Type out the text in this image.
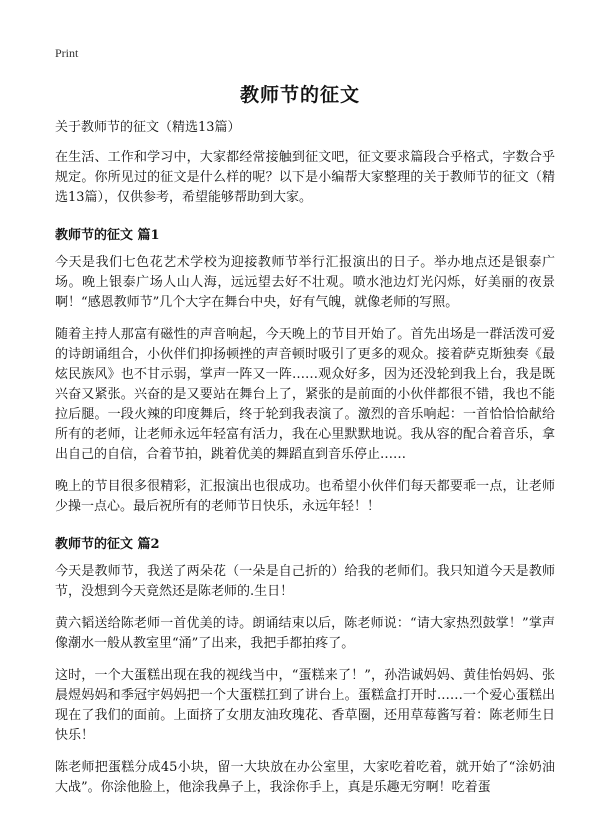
Print
教师节的征文

关于教师节的征文（精选13篇）

在生活、工作和学习中，大家都经常接触到征文吧，征文要求篇段合乎格式，字数合乎规定。你所见过的征文是什么样的呢？以下是小编帮大家整理的关于教师节的征文（精选13篇），仅供参考，希望能够帮助到大家。

教师节的征文 篇1

今天是我们七色花艺术学校为迎接教师节举行汇报演出的日子。举办地点还是银泰广场。晚上银泰广场人山人海，远远望去好不壮观。喷水池边灯光闪烁，好美丽的夜景啊！“感恩教师节”几个大字在舞台中央，好有气魄，就像老师的写照。

随着主持人那富有磁性的声音响起，今天晚上的节目开始了。首先出场是一群活泼可爱的诗朗诵组合，小伙伴们抑扬顿挫的声音顿时吸引了更多的观众。接着萨克斯独奏《最炫民族风》也不甘示弱，掌声一阵又一阵……观众好多，因为还没轮到我上台，我是既兴奋又紧张。兴奋的是又要站在舞台上了，紧张的是前面的小伙伴都很不错，我也不能拉后腿。一段火辣的印度舞后，终于轮到我表演了。激烈的音乐响起：一首恰恰恰献给所有的老师，让老师永远年轻富有活力，我在心里默默地说。我从容的配合着音乐，拿出自己的自信，合着节拍，跳着优美的舞蹈直到音乐停止……

晚上的节目很多很精彩，汇报演出也很成功。也希望小伙伴们每天都要乖一点，让老师少操一点心。最后祝所有的老师节日快乐，永远年轻！！

教师节的征文 篇2

今天是教师节，我送了两朵花（一朵是自己折的）给我的老师们。我只知道今天是教师节，没想到今天竟然还是陈老师的.生日！

黄六韬送给陈老师一首优美的诗。朗诵结束以后，陈老师说：“请大家热烈鼓掌！”掌声像潮水一般从教室里“涌”了出来，我把手都拍疼了。

这时，一个大蛋糕出现在我的视线当中，“蛋糕来了！”，孙浩诚妈妈、黄佳怡妈妈、张晨煜妈妈和季冠宇妈妈把一个大蛋糕扛到了讲台上。蛋糕盒打开时……一个爱心蛋糕出现在了我们的面前。上面挤了女朋友油玫瑰花、香草圈，还用草莓酱写着：陈老师生日快乐！

陈老师把蛋糕分成45小块，留一大块放在办公室里，大家吃着吃着，就开始了“涂奶油大战”。你涂他脸上，他涂我鼻子上，我涂你手上，真是乐趣无穷啊！吃着蛋
